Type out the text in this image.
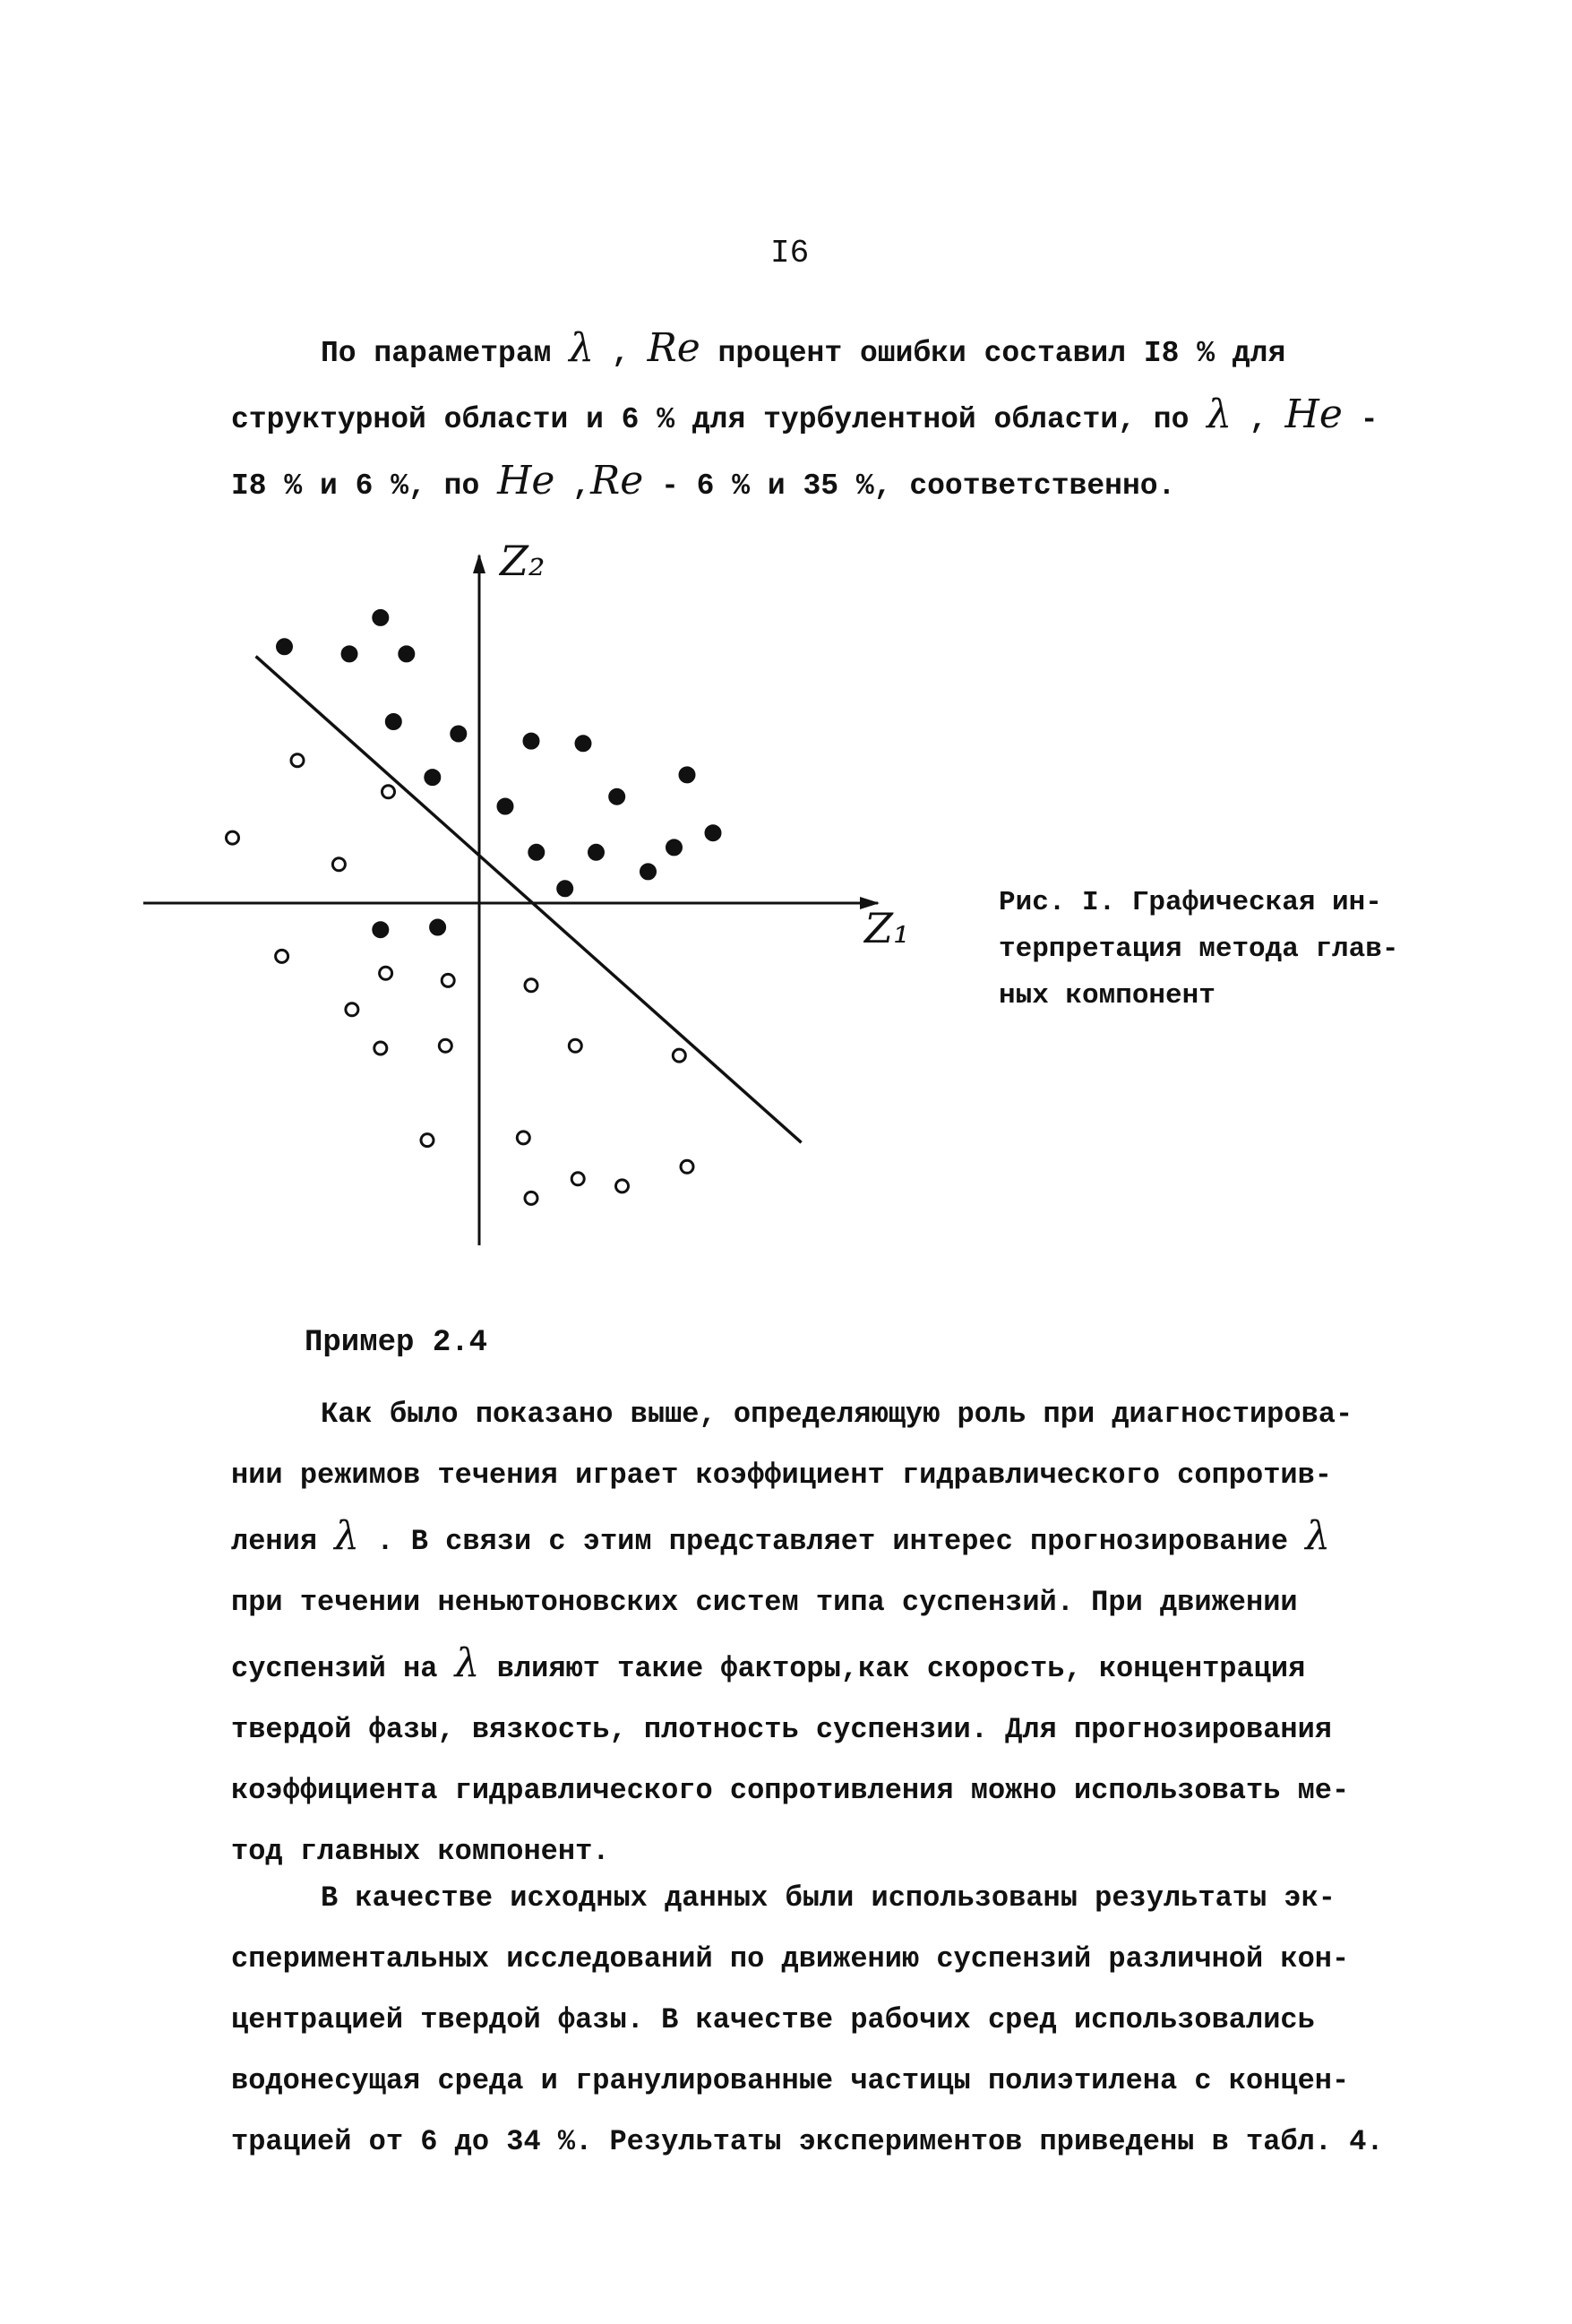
I6
По параметрам λ , Re процент ошибки составил I8 % для
структурной области и 6 % для турбулентной области, по λ , He -
I8 % и 6 %, по He ,Re - 6 % и 35 %, соответственно.
Z₂
Z₁
Рис. I. Графическая ин-
терпретация метода глав-
ных компонент
Пример 2.4
Как было показано выше, определяющую роль при диагностирова-
нии режимов течения играет коэффициент гидравлического сопротив-
ления λ . В связи с этим представляет интерес прогнозирование λ
при течении неньютоновских систем типа суспензий. При движении
суспензий на λ влияют такие факторы,как скорость, концентрация
твердой фазы, вязкость, плотность суспензии. Для прогнозирования
коэффициента гидравлического сопротивления можно использовать ме-
тод главных компонент.
В качестве исходных данных были использованы результаты эк-
спериментальных исследований по движению суспензий различной кон-
центрацией твердой фазы. В качестве рабочих сред использовались
водонесущая среда и гранулированные частицы полиэтилена с концен-
трацией от 6 до 34 %. Результаты экспериментов приведены в табл. 4.
